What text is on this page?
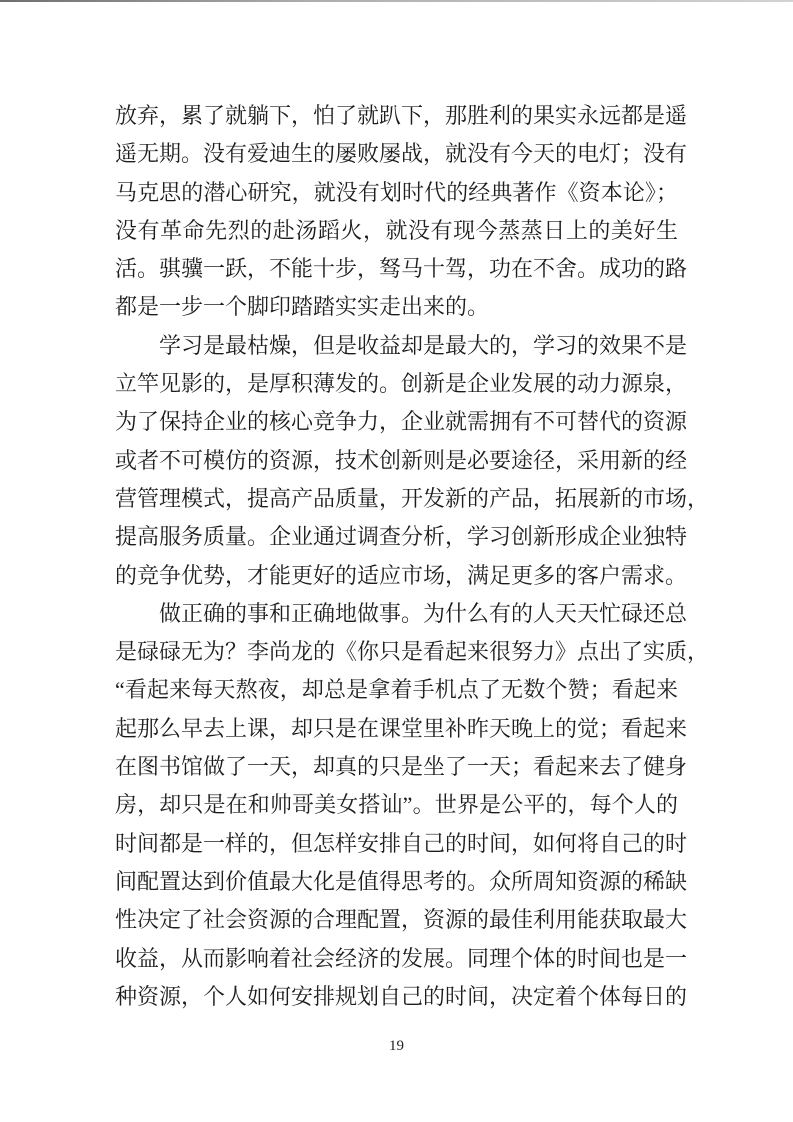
放弃，累了就躺下，怕了就趴下，那胜利的果实永远都是遥
遥无期。没有爱迪生的屡败屡战，就没有今天的电灯；没有
马克思的潜心研究，就没有划时代的经典著作《资本论》；
没有革命先烈的赴汤蹈火，就没有现今蒸蒸日上的美好生
活。骐骥一跃，不能十步，驽马十驾，功在不舍。成功的路
都是一步一个脚印踏踏实实走出来的。
学习是最枯燥，但是收益却是最大的，学习的效果不是
立竿见影的，是厚积薄发的。创新是企业发展的动力源泉，
为了保持企业的核心竞争力，企业就需拥有不可替代的资源
或者不可模仿的资源，技术创新则是必要途径，采用新的经
营管理模式，提高产品质量，开发新的产品，拓展新的市场，
提高服务质量。企业通过调查分析，学习创新形成企业独特
的竞争优势，才能更好的适应市场，满足更多的客户需求。
做正确的事和正确地做事。为什么有的人天天忙碌还总
是碌碌无为？李尚龙的《你只是看起来很努力》点出了实质，
“看起来每天熬夜，却总是拿着手机点了无数个赞；看起来
起那么早去上课，却只是在课堂里补昨天晚上的觉；看起来
在图书馆做了一天，却真的只是坐了一天；看起来去了健身
房，却只是在和帅哥美女搭讪”。世界是公平的，每个人的
时间都是一样的，但怎样安排自己的时间，如何将自己的时
间配置达到价值最大化是值得思考的。众所周知资源的稀缺
性决定了社会资源的合理配置，资源的最佳利用能获取最大
收益，从而影响着社会经济的发展。同理个体的时间也是一
种资源，个人如何安排规划自己的时间，决定着个体每日的
19
